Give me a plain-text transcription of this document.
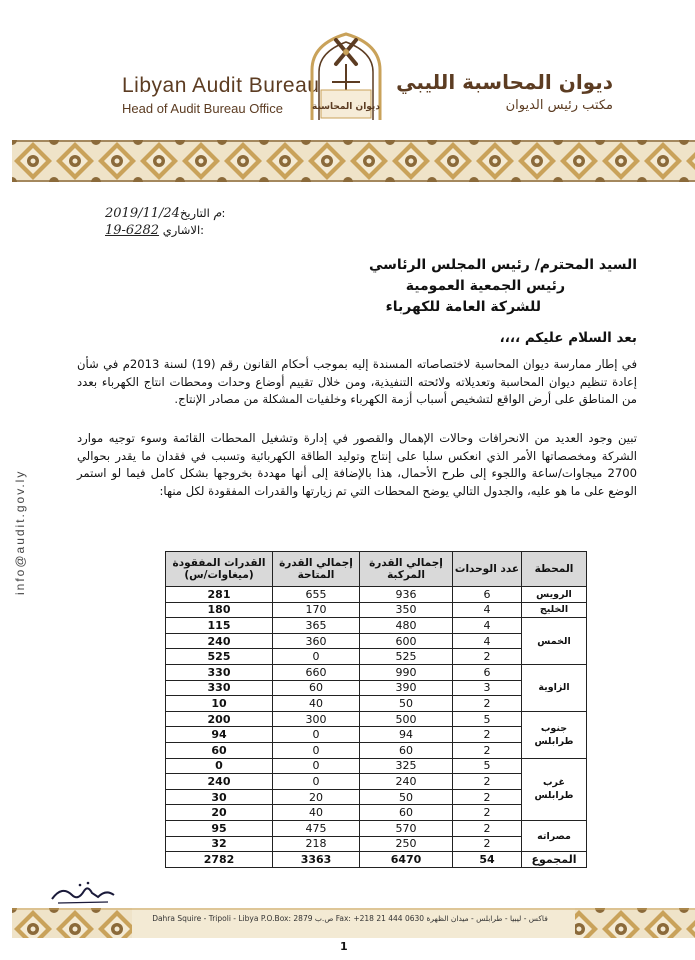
Libyan Audit Bureau
Head of Audit Bureau Office	ديوان المحاسبة
ديوان المحاسبة الليبي
مكتب رئيس الديوان
info@audit.gov.ly
2019/11/24م التاريخ:
19-6282 الاشاري:
السيد المحترم/ رئيس المجلس الرئاسي
رئيس الجمعية العمومية
للشركة العامة للكهرباء
بعد السلام عليكم ،،،،
في إطار ممارسة ديوان المحاسبة لاختصاصاته المسندة إليه بموجب أحكام القانون رقم (19) لسنة 2013م في شأن إعادة تنظيم ديوان المحاسبة وتعديلاته ولائحته التنفيذية، ومن خلال تقييم أوضاع وحدات ومحطات انتاج الكهرباء بعدد من المناطق على أرض الواقع لتشخيص أسباب أزمة الكهرباء وخلفيات المشكلة من مصادر الإنتاج.
تبين وجود العديد من الانحرافات وحالات الإهمال والقصور في إدارة وتشغيل المحطات القائمة وسوء توجيه موارد الشركة ومخصصاتها الأمر الذي انعكس سلبا على إنتاج وتوليد الطاقة الكهربائية وتسبب في فقدان ما يقدر بحوالي 2700 ميجاوات/ساعة واللجوء إلى طرح الأحمال، هذا بالإضافة إلى أنها مهددة بخروجها بشكل كامل فيما لو استمر الوضع على ما هو عليه، والجدول التالي يوضح المحطات التي تم زيارتها والقدرات المفقودة لكل منها:
المحطة	عدد الوحدات	إجمالي القدرة المركبة	إجمالي القدرة المتاحة	القدرات المفقودة (ميغاوات/س)
الرويس	6	936	655	281
الخليج	4	350	170	180
الخمس	4	480	365	115
	4	600	360	240
	2	525	0	525
الزاوية	6	990	660	330
	3	390	60	330
	2	50	40	10
جنوب طرابلس	5	500	300	200
	2	94	0	94
	2	60	0	60
غرب طرابلس	5	325	0	0
	2	240	0	240
	2	50	20	30
	2	60	40	20
مصراته	2	570	475	95
	2	250	218	32
المجموع	54	6470	3363	2782
Dahra Squire - Tripoli - Libya P.O.Box: 2879 ص.ب Fax: +218 21 444 0630 فاكس - ليبيا - طرابلس - ميدان الظهرة
1
